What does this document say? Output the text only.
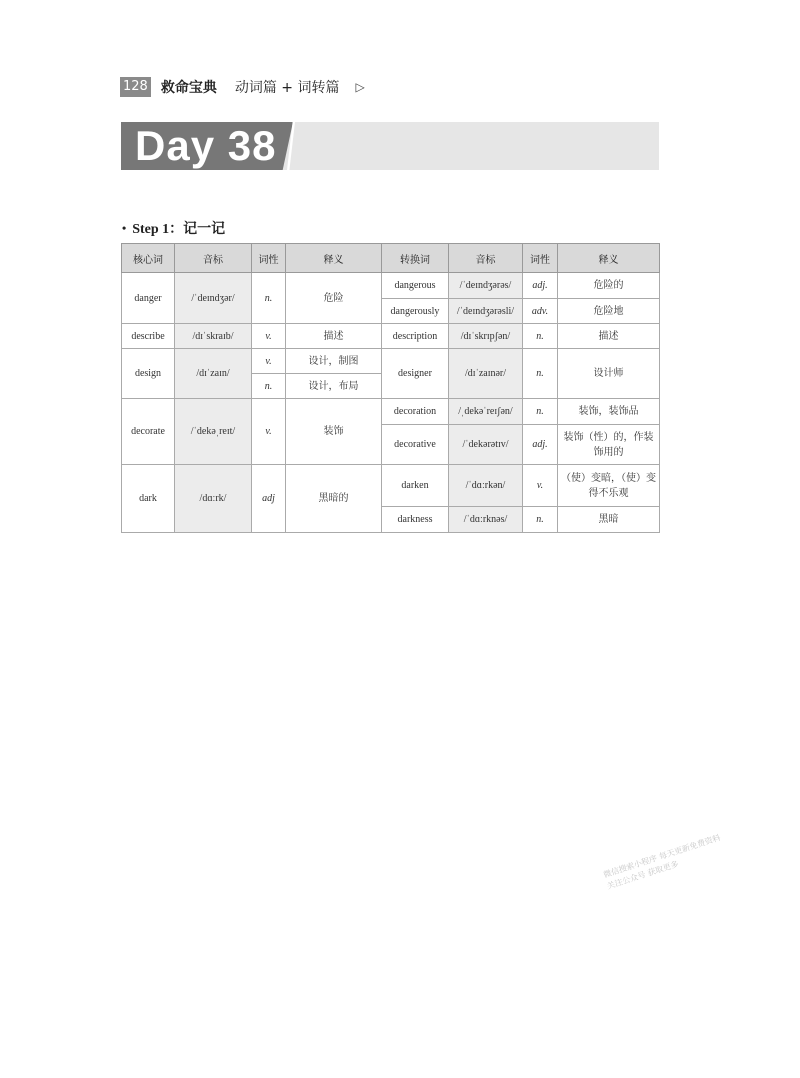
128 救命宝典 动词篇 + 词转篇 ▷
Day 38
• Step 1：记一记
核心词	音标	词性	释义	转换词	音标	词性	释义
danger	/ˈdeɪndʒər/	n.	危险	dangerous	/ˈdeɪndʒərəs/	adj.	危险的
				dangerously	/ˈdeɪndʒərəsli/	adv.	危险地
describe	/dɪˈskraɪb/	v.	描述	description	/dɪˈskrɪpʃən/	n.	描述
design	/dɪˈzaɪn/	v.	设计，制图	designer	/dɪˈzaɪnər/	n.	设计师
		n.	设计，布局				
decorate	/ˈdekəˌreɪt/	v.	装饰	decoration	/ˌdekəˈreɪʃən/	n.	装饰，装饰品
				decorative	/ˈdekərətɪv/	adj.	装饰（性）的，作装饰用的
dark	/dɑːrk/	adj	黑暗的	darken	/ˈdɑːrkən/	v.	（使）变暗，（使）变得不乐观
				darkness	/ˈdɑːrknəs/	n.	黑暗
微信搜索小程序 每天更新免费资料
关注公众号 获取更多
